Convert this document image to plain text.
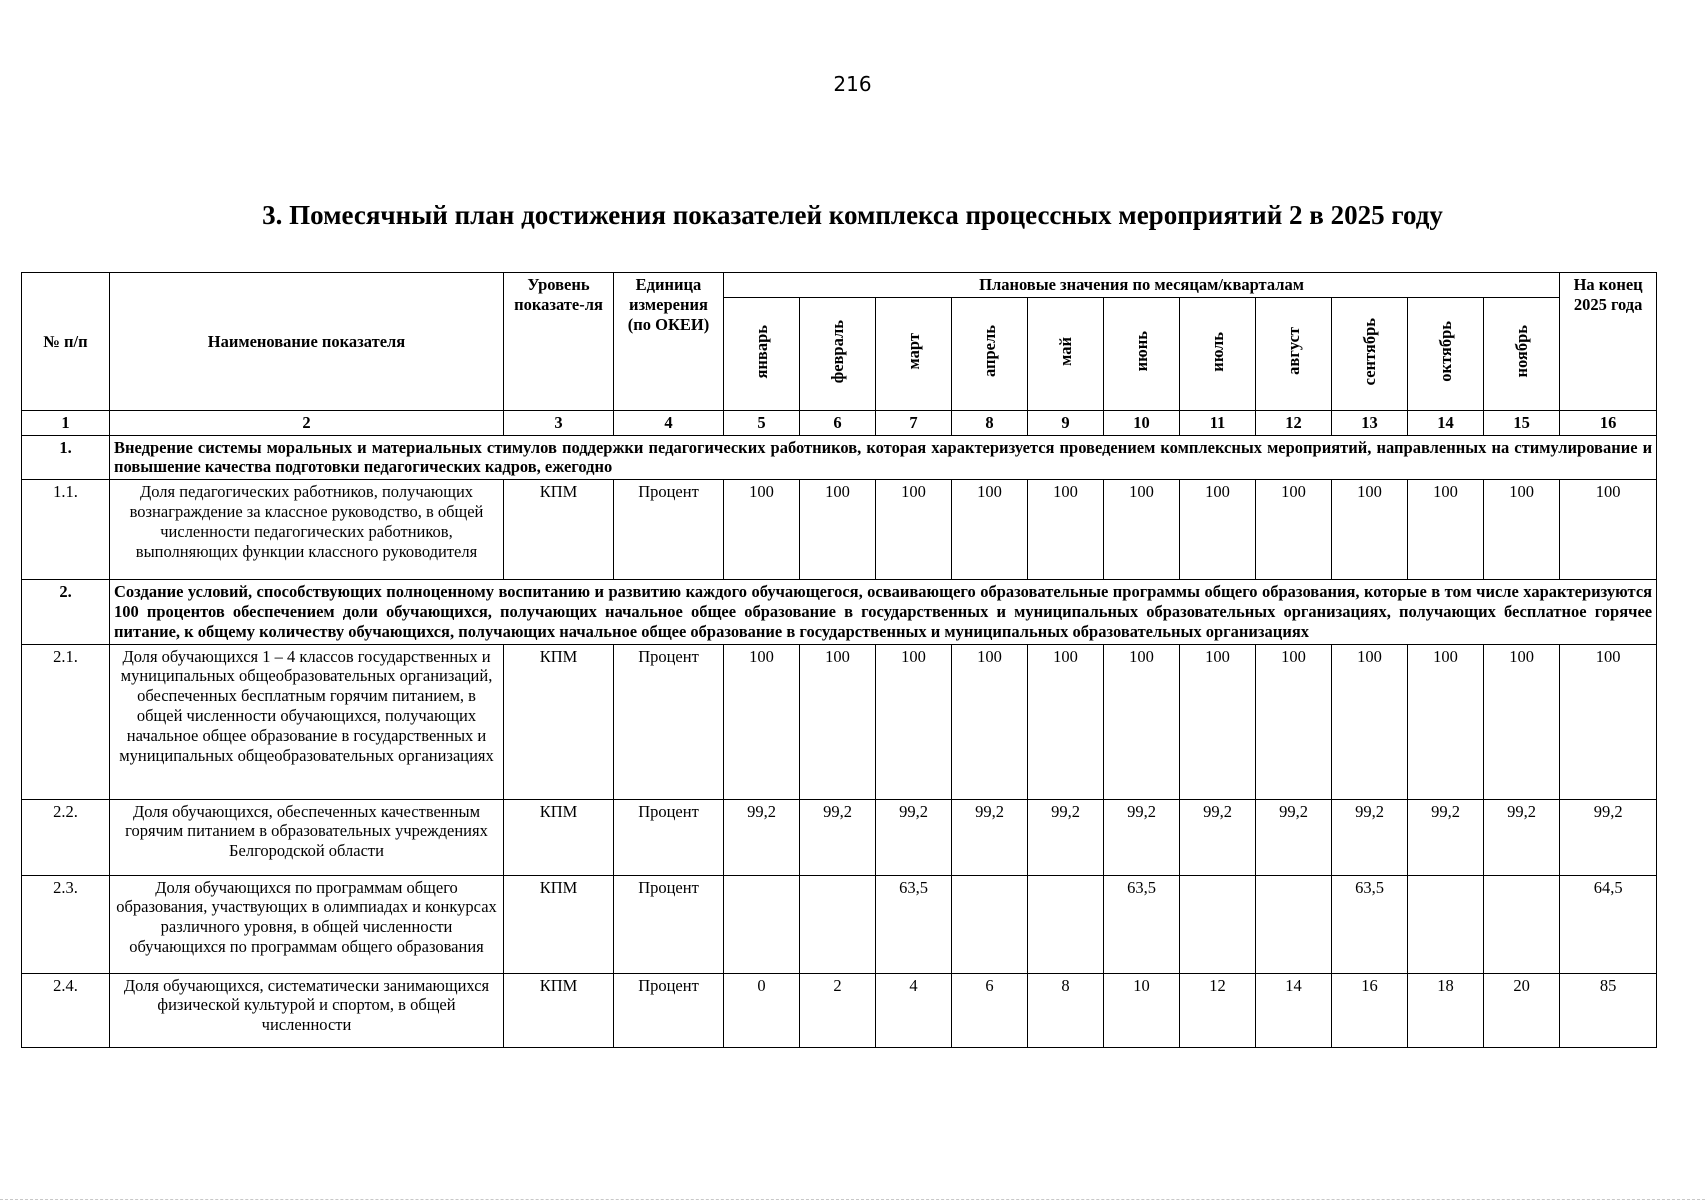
216
3. Помесячный план достижения показателей комплекса процессных мероприятий 2 в 2025 году
№ п/п	Наименование показателя	Уровень показате-ля	Единица измерения (по ОКЕИ)	Плановые значения по месяцам/кварталам											На конец 2025 года
				январь	февраль	март	апрель	май	июнь	июль	август	сентябрь	октябрь	ноябрь	
1	2	3	4	5	6	7	8	9	10	11	12	13	14	15	16
1.	Внедрение системы моральных и материальных стимулов поддержки педагогических работников, которая характеризуется проведением комплексных мероприятий, направленных на стимулирование и повышение качества подготовки педагогических кадров, ежегодно														
1.1.	Доля педагогических работников, получающих вознаграждение за классное руководство, в общей численности педагогических работников, выполняющих функции классного руководителя	КПМ	Процент	100	100	100	100	100	100	100	100	100	100	100	100
2.	Создание условий, способствующих полноценному воспитанию и развитию каждого обучающегося, осваивающего образовательные программы общего образования, которые в том числе характеризуются 100 процентов обеспечением доли обучающихся, получающих начальное общее образование в государственных и муниципальных образовательных организациях, получающих бесплатное горячее питание, к общему количеству обучающихся, получающих начальное общее образование в государственных и муниципальных образовательных организациях														
2.1.	Доля обучающихся 1 – 4 классов государственных и муниципальных общеобразовательных организаций, обеспеченных бесплатным горячим питанием, в общей численности обучающихся, получающих начальное общее образование в государственных и муниципальных общеобразовательных организациях	КПМ	Процент	100	100	100	100	100	100	100	100	100	100	100	100
2.2.	Доля обучающихся, обеспеченных качественным горячим питанием в образовательных учреждениях Белгородской области	КПМ	Процент	99,2	99,2	99,2	99,2	99,2	99,2	99,2	99,2	99,2	99,2	99,2	99,2
2.3.	Доля обучающихся по программам общего образования, участвующих в олимпиадах и конкурсах различного уровня, в общей численности обучающихся по программам общего образования	КПМ	Процент			63,5			63,5			63,5			64,5
2.4.	Доля обучающихся, систематически занимающихся физической культурой и спортом, в общей численности	КПМ	Процент	0	2	4	6	8	10	12	14	16	18	20	85
